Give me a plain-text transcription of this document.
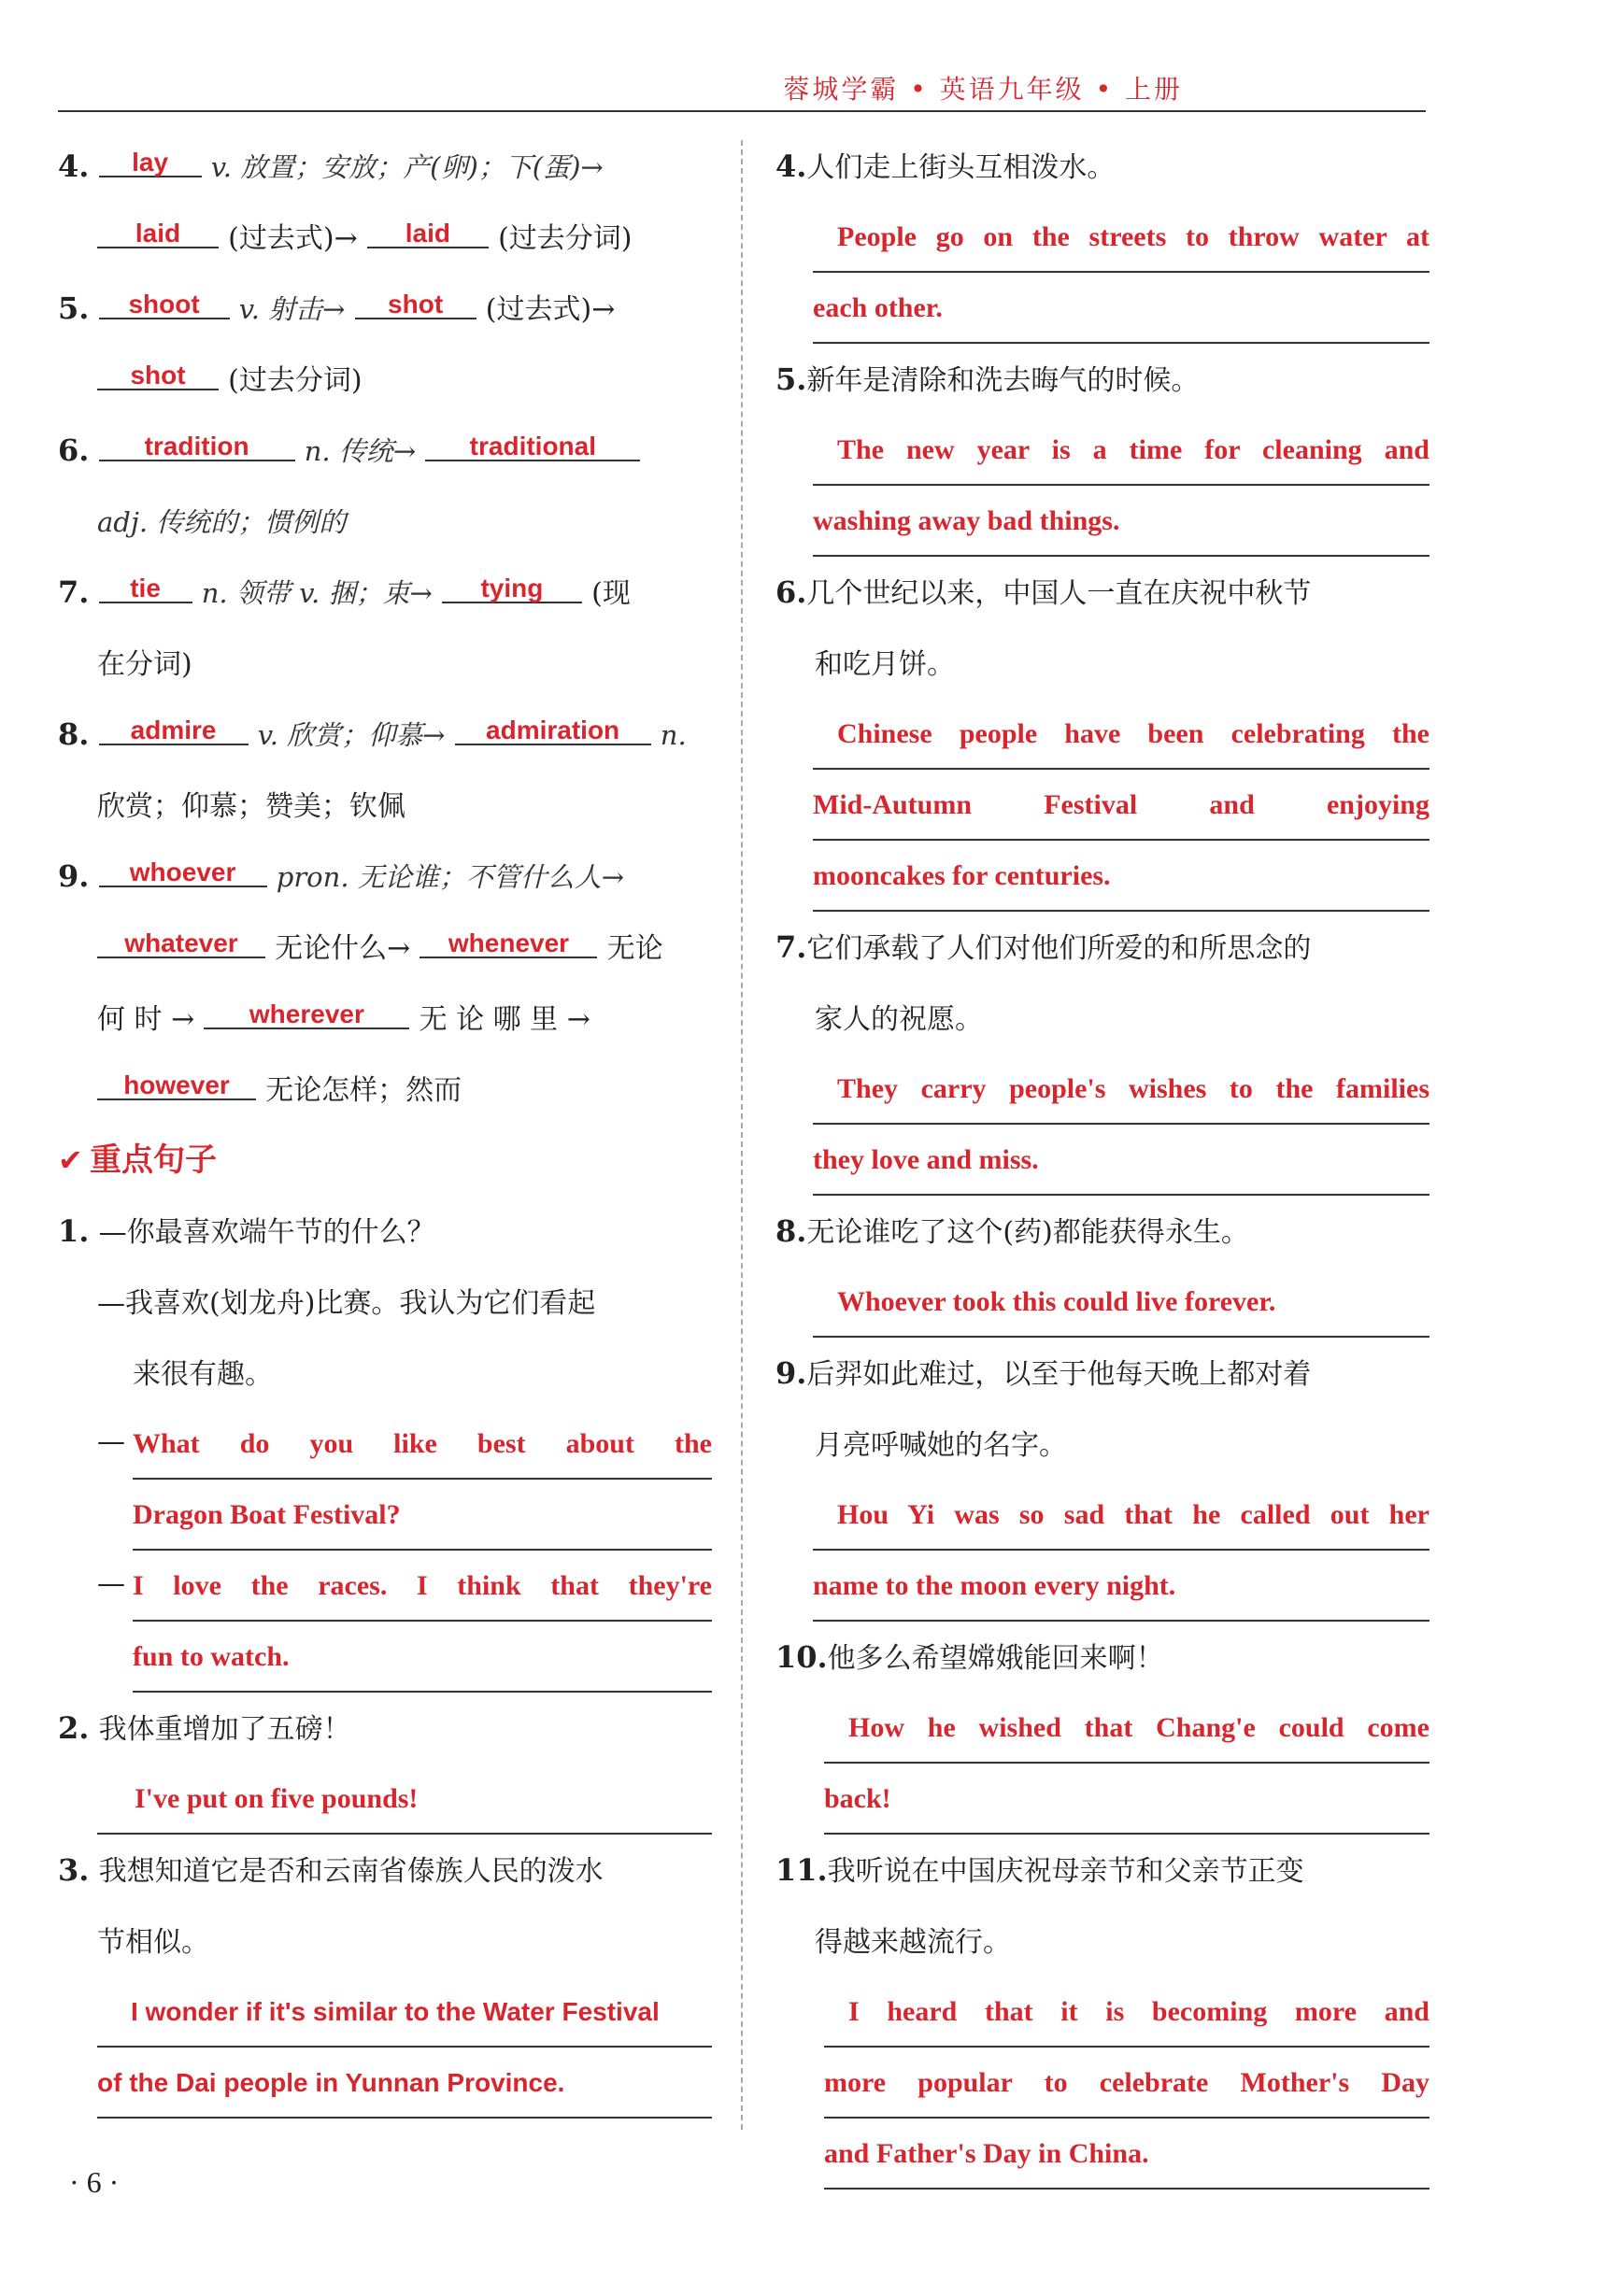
蓉城学霸 • 英语九年级 • 上册
4. lay v. 放置；安放；产(卵)；下(蛋)→
laid (过去式)→ laid (过去分词)
5. shoot v. 射击→ shot (过去式)→
shot (过去分词)
6. tradition n. 传统→ traditional
adj. 传统的；惯例的
7. tie n. 领带 v. 捆；束→ tying (现
在分词)
8. admire v. 欣赏；仰慕→ admiration n.
欣赏；仰慕；赞美；钦佩
9. whoever pron. 无论谁；不管什么人→
whatever 无论什么→ whenever 无论
何 时 → wherever 无 论 哪 里 →
however 无论怎样；然而
✔ 重点句子
1. —你最喜欢端午节的什么？
—我喜欢(划龙舟)比赛。我认为它们看起
来很有趣。
— What do you like best about the
Dragon Boat Festival?
— I love the races. I think that they're
fun to watch.
2. 我体重增加了五磅！
I've put on five pounds!
3. 我想知道它是否和云南省傣族人民的泼水
节相似。
I wonder if it's similar to the Water Festival
of the Dai people in Yunnan Province.
4.人们走上街头互相泼水。
People go on the streets to throw water at
each other.
5.新年是清除和洗去晦气的时候。
The new year is a time for cleaning and
washing away bad things.
6.几个世纪以来，中国人一直在庆祝中秋节
和吃月饼。
Chinese people have been celebrating the
Mid-Autumn Festival and enjoying
mooncakes for centuries.
7.它们承载了人们对他们所爱的和所思念的
家人的祝愿。
They carry people's wishes to the families
they love and miss.
8.无论谁吃了这个(药)都能获得永生。
Whoever took this could live forever.
9.后羿如此难过，以至于他每天晚上都对着
月亮呼喊她的名字。
Hou Yi was so sad that he called out her
name to the moon every night.
10.他多么希望嫦娥能回来啊！
How he wished that Chang'e could come
back!
11.我听说在中国庆祝母亲节和父亲节正变
得越来越流行。
I heard that it is becoming more and
more popular to celebrate Mother's Day
and Father's Day in China.
· 6 ·
